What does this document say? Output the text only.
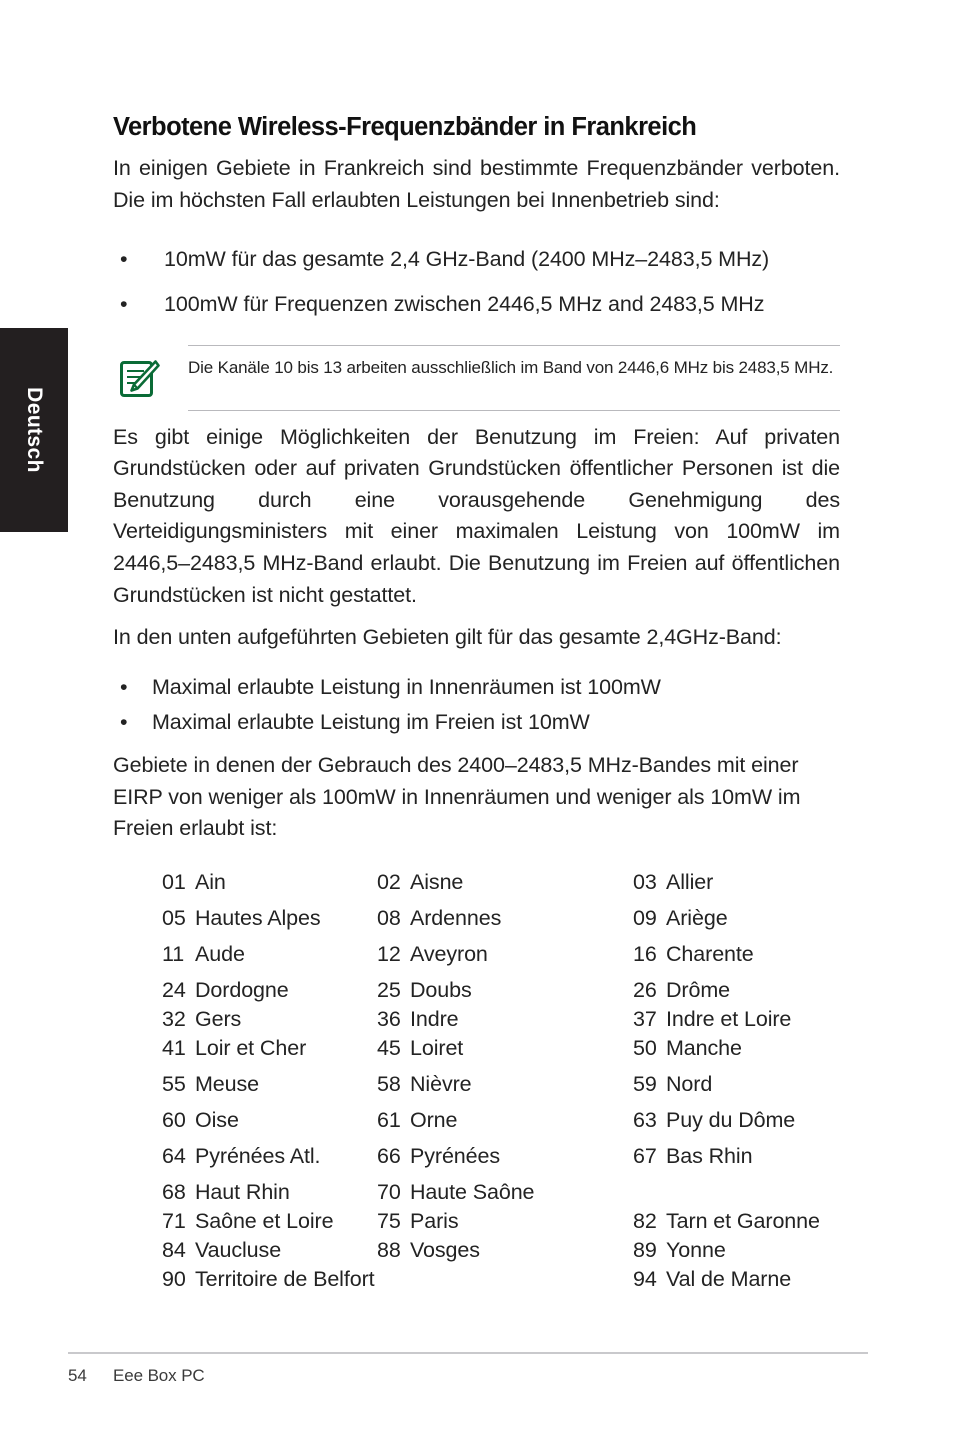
Deutsch
Verbotene Wireless-Frequenzbänder in Frankreich

In einigen Gebiete in Frankreich sind bestimmte Frequenzbänder verboten. Die im höchsten Fall erlaubten Leistungen bei Innenbetrieb sind:

• 10mW für das gesamte 2,4 GHz-Band (2400 MHz–2483,5 MHz)
• 100mW für Frequenzen zwischen 2446,5 MHz and 2483,5 MHz
Die Kanäle 10 bis 13 arbeiten ausschließlich im Band von 2446,6 MHz bis 2483,5 MHz.

Es gibt einige Möglichkeiten der Benutzung im Freien: Auf privaten Grundstücken oder auf privaten Grundstücken öffentlicher Personen ist die Benutzung durch eine vorausgehende Genehmigung des Verteidigungsministers mit einer maximalen Leistung von 100mW im 2446,5–2483,5 MHz-Band erlaubt. Die Benutzung im Freien auf öffentlichen Grundstücken ist nicht gestattet.

In den unten aufgeführten Gebieten gilt für das gesamte 2,4GHz-Band:

• Maximal erlaubte Leistung in Innenräumen ist 100mW
• Maximal erlaubte Leistung im Freien ist 10mW

Gebiete in denen der Gebrauch des 2400–2483,5 MHz-Bandes mit einer EIRP von weniger als 100mW in Innenräumen und weniger als 10mW im Freien erlaubt ist:

01 Ain	02 Aisne	03 Allier
05 Hautes Alpes	08 Ardennes	09 Ariège
11 Aude	12 Aveyron	16 Charente
24 Dordogne	25 Doubs	26 Drôme
32 Gers	36 Indre	37 Indre et Loire
41 Loir et Cher	45 Loiret	50 Manche
55 Meuse	58 Nièvre	59 Nord
60 Oise	61 Orne	63 Puy du Dôme
64 Pyrénées Atl.	66 Pyrénées	67 Bas Rhin
68 Haut Rhin	70 Haute Saône
71 Saône et Loire 75 Paris	82 Tarn et Garonne
84 Vaucluse	88 Vosges	89 Yonne
90 Territoire de Belfort	94 Val de Marne
54	Eee Box PC
